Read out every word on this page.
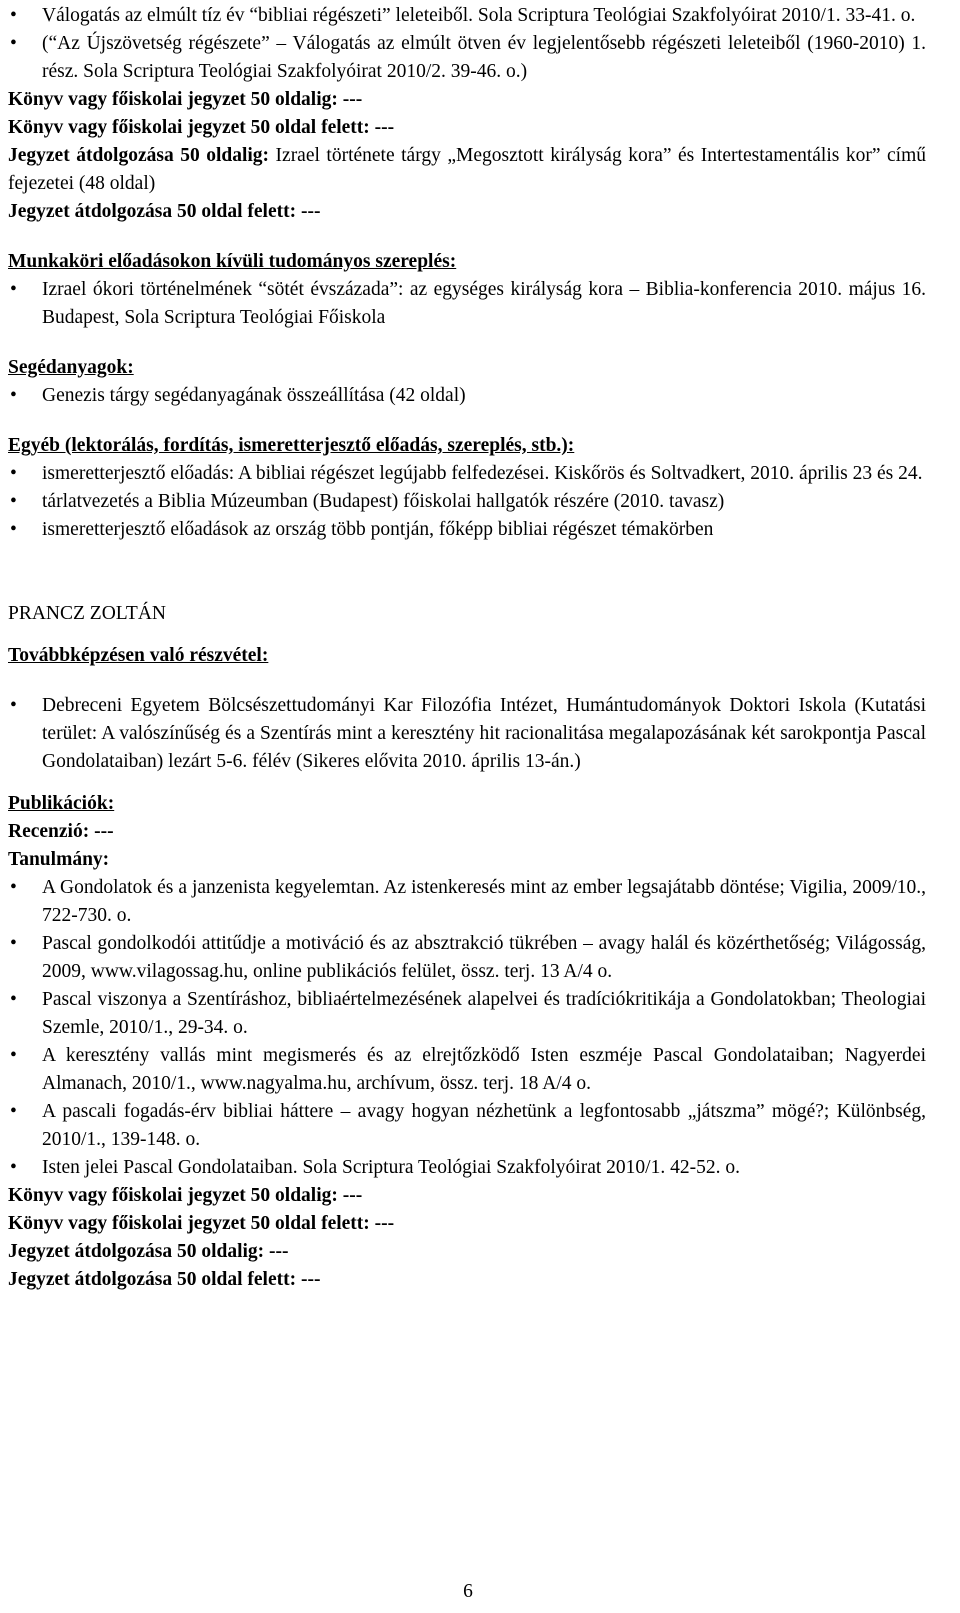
• Válogatás az elmúlt tíz év “bibliai régészeti” leleteiből. Sola Scriptura Teológiai Szakfolyóirat 2010/1. 33-41. o.
• (“Az Újszövetség régészete” – Válogatás az elmúlt ötven év legjelentősebb régészeti leleteiből (1960-2010) 1. rész. Sola Scriptura Teológiai Szakfolyóirat 2010/2. 39-46. o.)

Könyv vagy főiskolai jegyzet 50 oldalig: ---

Könyv vagy főiskolai jegyzet 50 oldal felett: ---

Jegyzet átdolgozása 50 oldalig: Izrael története tárgy „Megosztott királyság kora” és Intertestamentális kor” című fejezetei (48 oldal)

Jegyzet átdolgozása 50 oldal felett: ---

Munkaköri előadásokon kívüli tudományos szereplés:

• Izrael ókori történelmének “sötét évszázada”: az egységes királyság kora – Biblia-konferencia 2010. május 16. Budapest, Sola Scriptura Teológiai Főiskola

Segédanyagok:

• Genezis tárgy segédanyagának összeállítása (42 oldal)

Egyéb (lektorálás, fordítás, ismeretterjesztő előadás, szereplés, stb.):

• ismeretterjesztő előadás: A bibliai régészet legújabb felfedezései. Kiskőrös és Soltvadkert, 2010. április 23 és 24.
• tárlatvezetés a Biblia Múzeumban (Budapest) főiskolai hallgatók részére (2010. tavasz)
• ismeretterjesztő előadások az ország több pontján, főképp bibliai régészet témakörben

PRANCZ ZOLTÁN

Továbbképzésen való részvétel:

• Debreceni Egyetem Bölcsészettudományi Kar Filozófia Intézet, Humántudományok Doktori Iskola (Kutatási terület: A valószínűség és a Szentírás mint a keresztény hit racionalitása megalapozásának két sarokpontja Pascal Gondolataiban) lezárt 5-6. félév (Sikeres elővita 2010. április 13-án.)

Publikációk:

Recenzió: ---

Tanulmány:

• A Gondolatok és a janzenista kegyelemtan. Az istenkeresés mint az ember legsajátabb döntése; Vigilia, 2009/10., 722-730. o.
• Pascal gondolkodói attitűdje a motiváció és az absztrakció tükrében – avagy halál és közérthetőség; Világosság, 2009, www.vilagossag.hu, online publikációs felület, össz. terj. 13 A/4 o.
• Pascal viszonya a Szentíráshoz, bibliaértelmezésének alapelvei és tradíciókritikája a Gondolatokban; Theologiai Szemle, 2010/1., 29-34. o.
• A keresztény vallás mint megismerés és az elrejtőzködő Isten eszméje Pascal Gondolataiban; Nagyerdei Almanach, 2010/1., www.nagyalma.hu, archívum, össz. terj. 18 A/4 o.
• A pascali fogadás-érv bibliai háttere – avagy hogyan nézhetünk a legfontosabb „játszma” mögé?; Különbség, 2010/1., 139-148. o.
• Isten jelei Pascal Gondolataiban. Sola Scriptura Teológiai Szakfolyóirat 2010/1. 42-52. o.

Könyv vagy főiskolai jegyzet 50 oldalig: ---

Könyv vagy főiskolai jegyzet 50 oldal felett: ---

Jegyzet átdolgozása 50 oldalig: ---

Jegyzet átdolgozása 50 oldal felett: ---

6
